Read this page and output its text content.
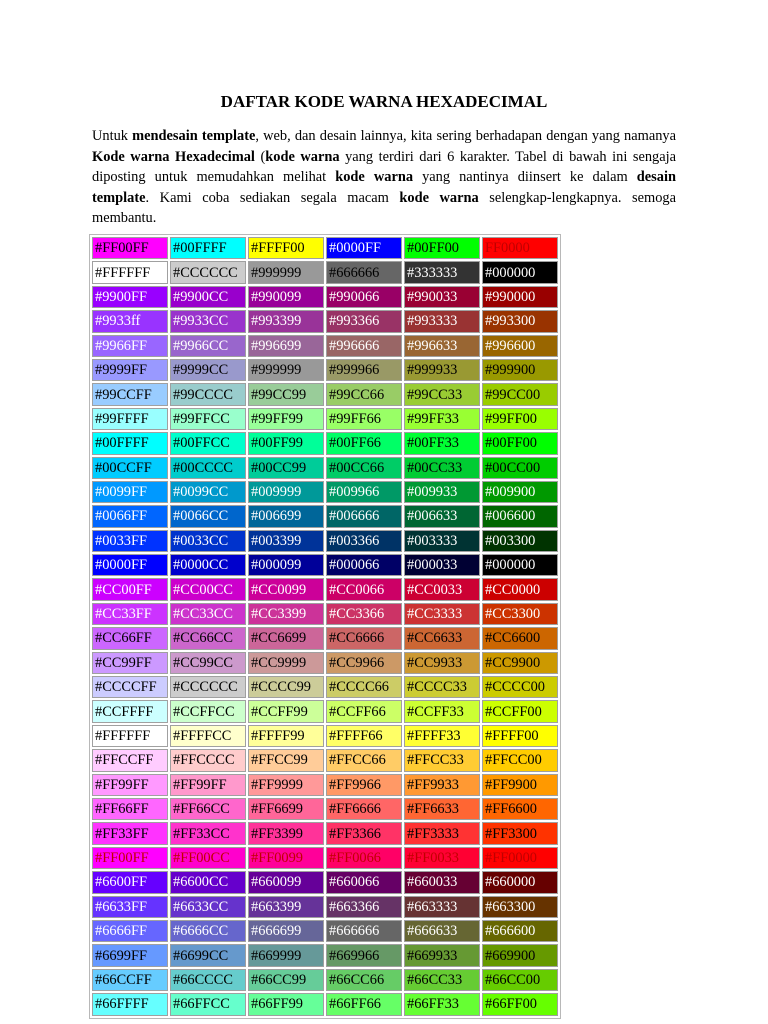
DAFTAR KODE WARNA HEXADECIMAL

Untuk mendesain template, web, dan desain lainnya, kita sering berhadapan dengan yang namanya Kode warna Hexadecimal (kode warna yang terdiri dari 6 karakter. Tabel di bawah ini sengaja diposting untuk memudahkan melihat kode warna yang nantinya diinsert ke dalam desain template. Kami coba sediakan segala macam kode warna selengkap-lengkapnya. semoga membantu.

#FF00FF	#00FFFF	#FFFF00	#0000FF	#00FF00	FF0000
#FFFFFF	#CCCCCC	#999999	#666666	#333333	#000000
#9900FF	#9900CC	#990099	#990066	#990033	#990000
#9933ff	#9933CC	#993399	#993366	#993333	#993300
#9966FF	#9966CC	#996699	#996666	#996633	#996600
#9999FF	#9999CC	#999999	#999966	#999933	#999900
#99CCFF	#99CCCC	#99CC99	#99CC66	#99CC33	#99CC00
#99FFFF	#99FFCC	#99FF99	#99FF66	#99FF33	#99FF00
#00FFFF	#00FFCC	#00FF99	#00FF66	#00FF33	#00FF00
#00CCFF	#00CCCC	#00CC99	#00CC66	#00CC33	#00CC00
#0099FF	#0099CC	#009999	#009966	#009933	#009900
#0066FF	#0066CC	#006699	#006666	#006633	#006600
#0033FF	#0033CC	#003399	#003366	#003333	#003300
#0000FF	#0000CC	#000099	#000066	#000033	#000000
#CC00FF	#CC00CC	#CC0099	#CC0066	#CC0033	#CC0000
#CC33FF	#CC33CC	#CC3399	#CC3366	#CC3333	#CC3300
#CC66FF	#CC66CC	#CC6699	#CC6666	#CC6633	#CC6600
#CC99FF	#CC99CC	#CC9999	#CC9966	#CC9933	#CC9900
#CCCCFF	#CCCCCC	#CCCC99	#CCCC66	#CCCC33	#CCCC00
#CCFFFF	#CCFFCC	#CCFF99	#CCFF66	#CCFF33	#CCFF00
#FFFFFF	#FFFFCC	#FFFF99	#FFFF66	#FFFF33	#FFFF00
#FFCCFF	#FFCCCC	#FFCC99	#FFCC66	#FFCC33	#FFCC00
#FF99FF	#FF99FF	#FF9999	#FF9966	#FF9933	#FF9900
#FF66FF	#FF66CC	#FF6699	#FF6666	#FF6633	#FF6600
#FF33FF	#FF33CC	#FF3399	#FF3366	#FF3333	#FF3300
#FF00FF	#FF00CC	#FF0099	#FF0066	#FF0033	#FF0000
#6600FF	#6600CC	#660099	#660066	#660033	#660000
#6633FF	#6633CC	#663399	#663366	#663333	#663300
#6666FF	#6666CC	#666699	#666666	#666633	#666600
#6699FF	#6699CC	#669999	#669966	#669933	#669900
#66CCFF	#66CCCC	#66CC99	#66CC66	#66CC33	#66CC00
#66FFFF	#66FFCC	#66FF99	#66FF66	#66FF33	#66FF00
